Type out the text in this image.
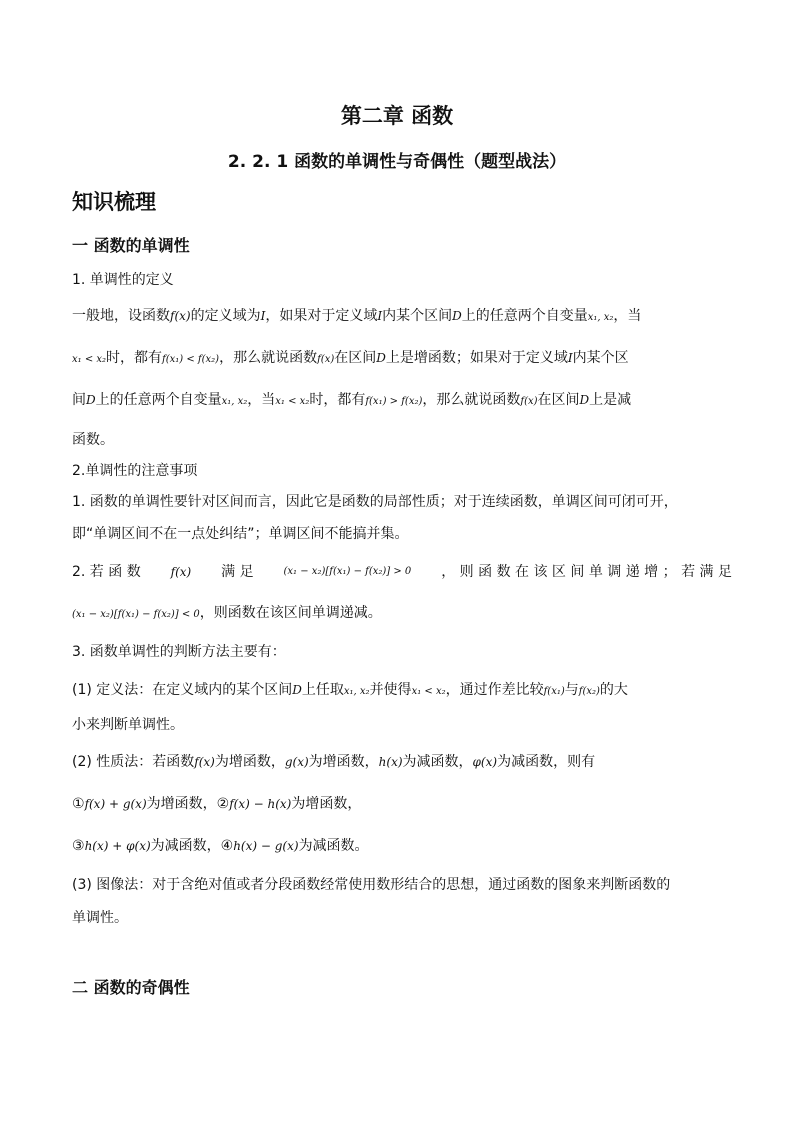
第二章 函数
2. 2. 1 函数的单调性与奇偶性（题型战法）
知识梳理
一 函数的单调性
1. 单调性的定义
一般地，设函数f(x)的定义域为I，如果对于定义域I内某个区间D上的任意两个自变量x₁, x₂，当
x₁ < x₂时，都有f(x₁) < f(x₂)，那么就说函数f(x)在区间D上是增函数；如果对于定义域I内某个区
间D上的任意两个自变量x₁, x₂，当x₁ < x₂时，都有f(x₁) > f(x₂)，那么就说函数f(x)在区间D上是减
函数。
2.单调性的注意事项
1. 函数的单调性要针对区间而言，因此它是函数的局部性质；对于连续函数，单调区间可闭可开，
即“单调区间不在一点处纠结”；单调区间不能搞并集。
2. 若 函 数 f(x) 满 足	(x₁ − x₂)[f(x₁) − f(x₂)] > 0 ， 则 函 数 在 该 区 间 单 调 递 增 ； 若 满 足
(x₁ − x₂)[f(x₁) − f(x₂)] < 0，则函数在该区间单调递减。
3. 函数单调性的判断方法主要有：
(1) 定义法：在定义域内的某个区间D上任取x₁, x₂并使得x₁ < x₂，通过作差比较f(x₁)与f(x₂)的大
小来判断单调性。
(2) 性质法：若函数f(x)为增函数，g(x)为增函数，h(x)为减函数，φ(x)为减函数，则有
①f(x) + g(x)为增函数，②f(x) − h(x)为增函数，
③h(x) + φ(x)为减函数，④h(x) − g(x)为减函数。
(3) 图像法：对于含绝对值或者分段函数经常使用数形结合的思想，通过函数的图象来判断函数的
单调性。
二 函数的奇偶性
